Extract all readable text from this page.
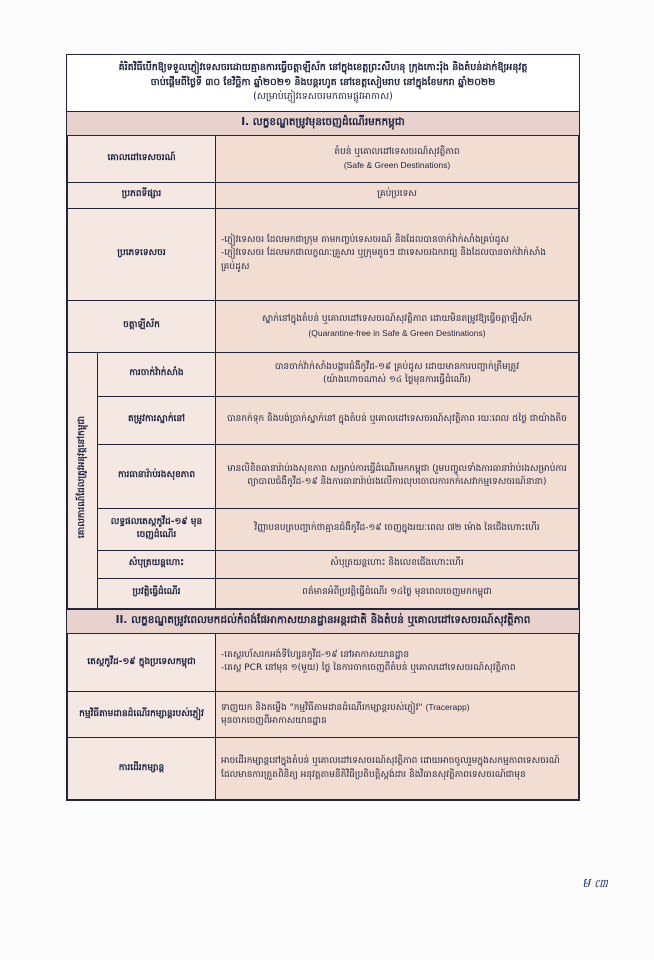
គំរិតវិធីបើកឱ្យទទួលភ្ញៀវទេសចរដោយគ្មានការធ្វើចត្តាឡីស័ក នៅក្នុងខេត្តព្រះសីហនុ ក្រុងកោះរ៉ុង និងតំបន់ដាក់ឱ្យអនុវត្ត
ចាប់ផ្តើមពីថ្ងៃទី ៣០ ខែវិច្ឆិកា ឆ្នាំ២០២១ និងបន្តរហូត នៅខេត្តសៀមរាប នៅក្នុងខែមករា ឆ្នាំ២០២២
(សម្រាប់ភ្ញៀវទេសចរមកតាមផ្លូវអាកាស)
I. លក្ខខណ្ឌតម្រូវមុនចេញដំណើរមកកម្ពុជា
គោលដៅទេសចរណ៍		តំបន់ ឬគោលដៅទេសចរណ៍សុវត្ថិភាព
(Safe & Green Destinations)

ប្រភពទីផ្សារ		គ្រប់ប្រទេស
ប្រភេទទេសចរ		-ភ្ញៀវទេសចរ ដែលមកជាក្រុម តាមកញ្ចប់ទេសចរណ៍ និងដែលបានចាក់វ៉ាក់សាំងគ្រប់ដូស
-ភ្ញៀវទេសចរ ដែលមកជាលក្ខណៈគ្រួសារ ឬក្រុមតូចៗ ជាទេសចរឯករាជ្យ និងដែលបានចាក់វ៉ាក់សាំងគ្រប់ដូស

ចត្តាឡីស័ក		ស្នាក់នៅក្នុងតំបន់ ឬគោលដៅទេសចរណ៍សុវត្ថិភាព ដោយមិនតម្រូវឱ្យធ្វើចត្តាឡីស័ក
(Quarantine-free in Safe & Green Destinations)

គោលការណ៍ដែលត្រូវអនុវត្តនៅកម្ពុជា	ការចាក់វ៉ាក់សាំង	បានចាក់វ៉ាក់សាំងបង្ការជំងឺកូវីដ-១៩ គ្រប់ដូស ដោយមានការបញ្ជាក់ត្រឹមត្រូវ
(យ៉ាងហោចណាស់ ១៤ ថ្ងៃមុនការធ្វើដំណើរ)

	តម្រូវការស្នាក់នៅ	បានកក់ទុក និងបង់ប្រាក់ស្នាក់នៅ ក្នុងតំបន់ ឬគោលដៅទេសចរណ៍សុវត្ថិភាព រយៈពេល ៥ថ្ងៃ ជាយ៉ាងតិច
	ការធានារ៉ាប់រងសុខភាព	មានលិខិតធានារ៉ាប់រងសុខភាព សម្រាប់ការធ្វើដំណើរមកកម្ពុជា (រួមបញ្ចូលទាំងការធានារ៉ាប់រងសម្រាប់ការព្យាបាលជំងឺកូវីដ-១៩ និងការធានារ៉ាប់រងលើការលុបចោលការកក់សេវាកម្មទេសចរណ៍នានា)
	លទ្ធផលតេស្តកូវីដ-១៩ មុនចេញដំណើរ	វិញ្ញាបនបត្របញ្ជាក់ថាគ្មានជំងឺកូវីដ-១៩ ចេញក្នុងរយៈពេល ៧២ ម៉ោង នៃជើងហោះហើរ
	សំបុត្រយន្តហោះ	សំបុត្រយន្តហោះ និងលេខជើងហោះហើរ
	ប្រវត្តិធ្វើដំណើរ	ពត៌មានអំពីប្រវត្តិធ្វើដំណើរ ១៤ថ្ងៃ មុនពេលចេញមកកម្ពុជា
II. លក្ខខណ្ឌតម្រូវពេលមកដល់កំពង់ផែអាកាសយានដ្ឋានអន្តរជាតិ និងតំបន់ ឬគោលដៅទេសចរណ៍សុវត្ថិភាព
តេស្តកូវីដ-១៩ ក្នុងប្រទេសកម្ពុជា	-តេស្តរហ័សរកអង់ទីហ្សែនកូវីដ-១៩ នៅអាកាសយានដ្ឋាន
-តេស្ត PCR នៅមុន ១(មួយ) ថ្ងៃ នៃការចាកចេញពីតំបន់ ឬគោលដៅទេសចរណ៍សុវត្ថិភាព

កម្មវិធីតាមដានដំណើរកម្សាន្តរបស់ភ្ញៀវ	ទាញយក និងតម្លើង "កម្មវិធីតាមដានដំណើរកម្សាន្តរបស់ភ្ញៀវ" (Tracerapp)
មុនចាកចេញពីអាកាសយានដ្ឋាន

ការដើរកម្សាន្ត	អាចដើរកម្សាន្តនៅក្នុងតំបន់ ឬគោលដៅទេសចរណ៍សុវត្ថិភាព ដោយអាចចូលរួមក្នុងសកម្មភាពទេសចរណ៍ដែលមានការត្រួតពិនិត្យ អនុវត្តតាមនីតិវិធីប្រតិបត្តិស្តង់ដារ និងវិធានសុវត្ថិភាពទេសចរណ៍ជាមុន
ម ㎝
